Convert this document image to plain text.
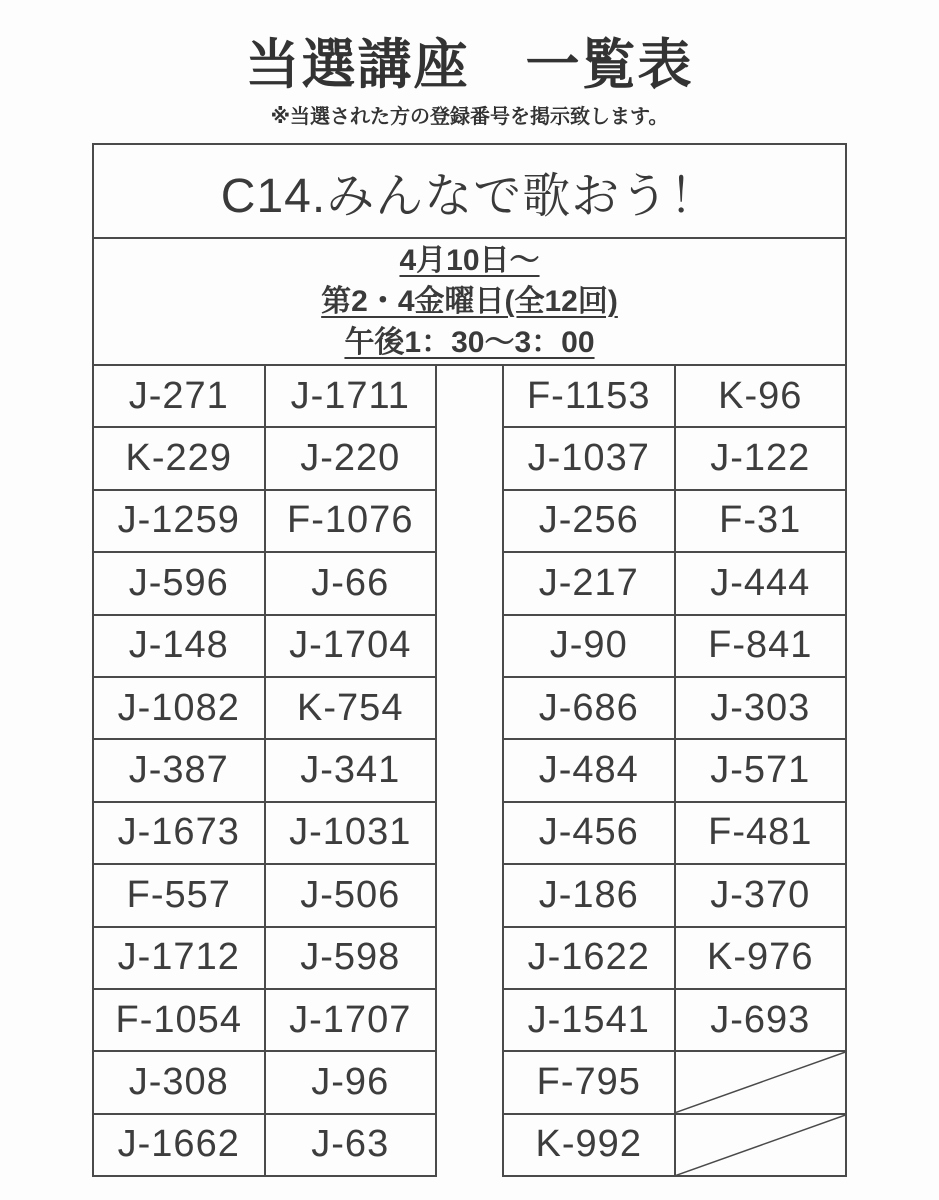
当選講座　一覧表
※当選された方の登録番号を掲示致します。
C14.みんなで歌おう！
4月10日～
第2・4金曜日(全12回)
午後1：30～3：00
J-271	J-1711
K-229	J-220
J-1259	F-1076
J-596	J-66
J-148	J-1704
J-1082	K-754
J-387	J-341
J-1673	J-1031
F-557	J-506
J-1712	J-598
F-1054	J-1707
J-308	J-96
J-1662	J-63
F-1153	K-96
J-1037	J-122
J-256	F-31
J-217	J-444
J-90	F-841
J-686	J-303
J-484	J-571
J-456	F-481
J-186	J-370
J-1622	K-976
J-1541	J-693
F-795
K-992
